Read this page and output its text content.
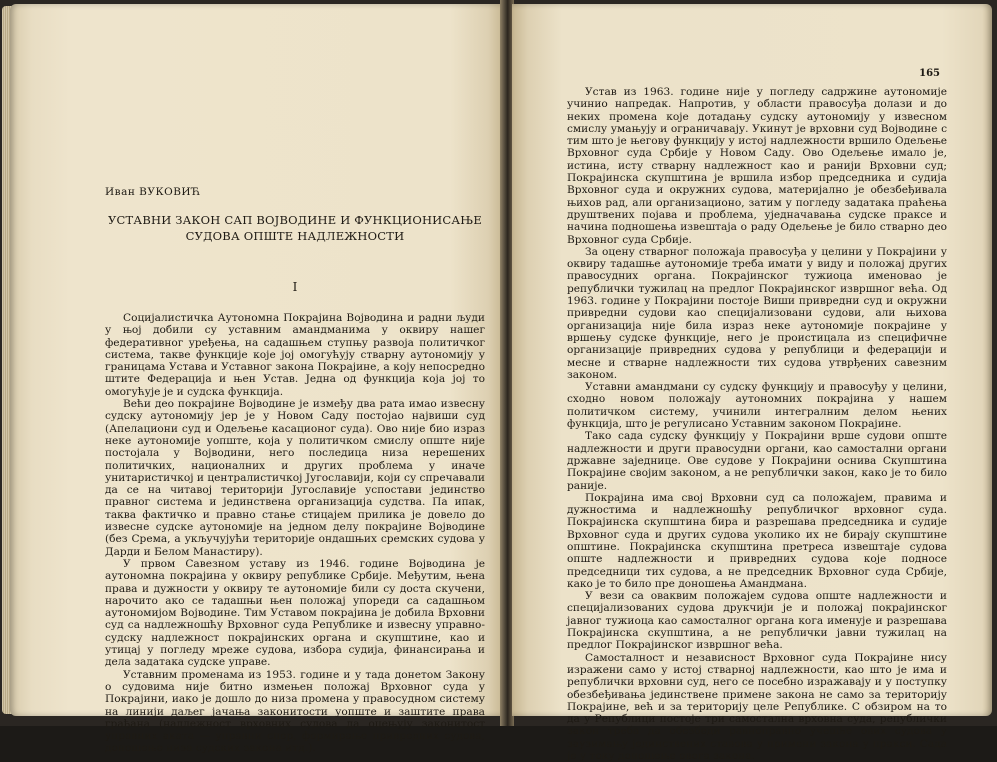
Иван ВУКОВИЋ
УСТАВНИ ЗАКОН САП ВОЈВОДИНЕ И ФУНКЦИОНИСАЊЕ
СУДОВА ОПШТЕ НАДЛЕЖНОСТИ
I

Социјалистичка Аутономна Покрајина Војводина и радни људи у њој добили су уставним амандманима у оквиру нашег федеративног уређења, на садашњем ступњу развоја политичког система, такве функције које јој омогућују стварну аутономију у границама Устава и Уставног закона Покрајине, а коју непосредно штите Федерација и њен Устав. Једна од функција која јој то омогућује је и судска функција.

Већи део покрајине Војводине је између два рата имао извесну судску аутономију јер је у Новом Саду постојао највиши суд (Апелациони суд и Одељење касационог суда). Ово није био израз неке аутономије уопште, која у политичком смислу опште није постојала у Војводини, него последица низа нерешених политичких, националних и других проблема у иначе унитаристичкој и централистичкој Југославији, који су спречавали да се на читавој територији Југославије успостави јединство правног система и јединствена организација судства. Па ипак, таква фактичко и правно стање стицајем прилика је довело до извесне судске аутономије на једном делу покрајине Војводине (без Срема, а укључујући територије ондашњих сремских судова у Дарди и Белом Манастиру).

У првом Савезном уставу из 1946. године Војводина је аутономна покрајина у оквиру републике Србије. Међутим, њена права и дужности у оквиру те аутономије били су доста скучени, нарочито ако се тадашњи њен положај упореди са садашњом аутономијом Војводине. Тим Уставом покрајина је добила Врховни суд са надлежношћу Врховног суда Републике и извесну управно-судску надлежност покрајинских органа и скупштине, као и утицај у погледу мреже судова, избора судија, финансирања и дела задатака судске управе.

Уставним променама из 1953. године и у тада донетом Закону о судовима није битно измењен положај Врховног суда у Покрајини, иако је дошло до низа промена у правосудном систему на линији даљег јачања законитости уопште и заштите права грађана (надлежност врховних судова да оцењују законитост управних аката — управни спор, формирање привредних судова, доношење низа судских закона итд.).

165

Устав из 1963. године није у погледу садржине аутономије учинио напредак. Напротив, у области правосуђа долази и до неких промена које дотадању судску аутономију у извесном смислу умањују и ограничавају. Укинут је врховни суд Војводине с тим што је његову функцију у истој надлежности вршило Одељење Врховног суда Србије у Новом Саду. Ово Одељење имало је, истина, исту стварну надлежност као и ранији Врховни суд; Покрајинска скупштина је вршила избор председника и судија Врховног суда и окружних судова, материјално је обезбеђивала њихов рад, али организационо, затим у погледу задатака праћења друштвених појава и проблема, уједначавања судске праксе и начина подношења извештаја о раду Одељење је било стварно део Врховног суда Србије.

За оцену стварног положаја правосуђа у целини у Покрајини у оквиру тадашње аутономије треба имати у виду и положај других правосудних органа. Покрајинског тужиоца именовао је републички тужилац на предлог Покрајинског извршног већа. Од 1963. године у Покрајини постоје Виши привредни суд и окружни привредни судови као специјализовани судови, али њихова организација није била израз неке аутономије покрајине у вршењу судске функције, него је проистицала из специфичне организације привредних судова у републици и федерацији и месне и стварне надлежности тих судова утврђених савезним законом.

Уставни амандмани су судску функцију и правосуђу у целини, сходно новом положају аутономних покрајина у нашем политичком систему, учинили интегралним делом њених функција, што је регулисано Уставним законом Покрајине.

Тако сада судску функцију у Покрајини врше судови опште надлежности и други правосудни органи, као самостални органи државне заједнице. Ове судове у Покрајини оснива Скупштина Покрајине својим законом, а не републички закон, како је то било раније.

Покрајина има свој Врховни суд са положајем, правима и дужностима и надлежношћу републичког врховног суда. Покрајинска скупштина бира и разрешава председника и судије Врховног суда и других судова уколико их не бирају скупштине општине. Покрајинска скупштина претреса извештаје судова опште надлежности и привредних судова које подносе председници тих судова, а не председник Врховног суда Србије, како је то било пре доношења Амандмана.

У вези са оваквим положајем судова опште надлежности и специјализованих судова друкчији је и положај покрајинског јавног тужиоца као самосталног органа кога именује и разрешава Покрајинска скупштина, а не републички јавни тужилац на предлог Покрајинског извршног већа.

Самосталност и независност Врховног суда Покрајине нису изражени само у истој стварној надлежности, као што је има и републички врховни суд, него се посебно изражавају и у поступку обезбеђивања јединствене примене закона не само за територију Покрајине, већ и за територију целе Републике. С обзиром на то да у Републици постоје три самостална врховна суда, републички закон треба да обезбеди равноправно учешће ових судова у заузимању јединствених ставова у примени закона у пракси. Сада је у току доношење овога закона.
